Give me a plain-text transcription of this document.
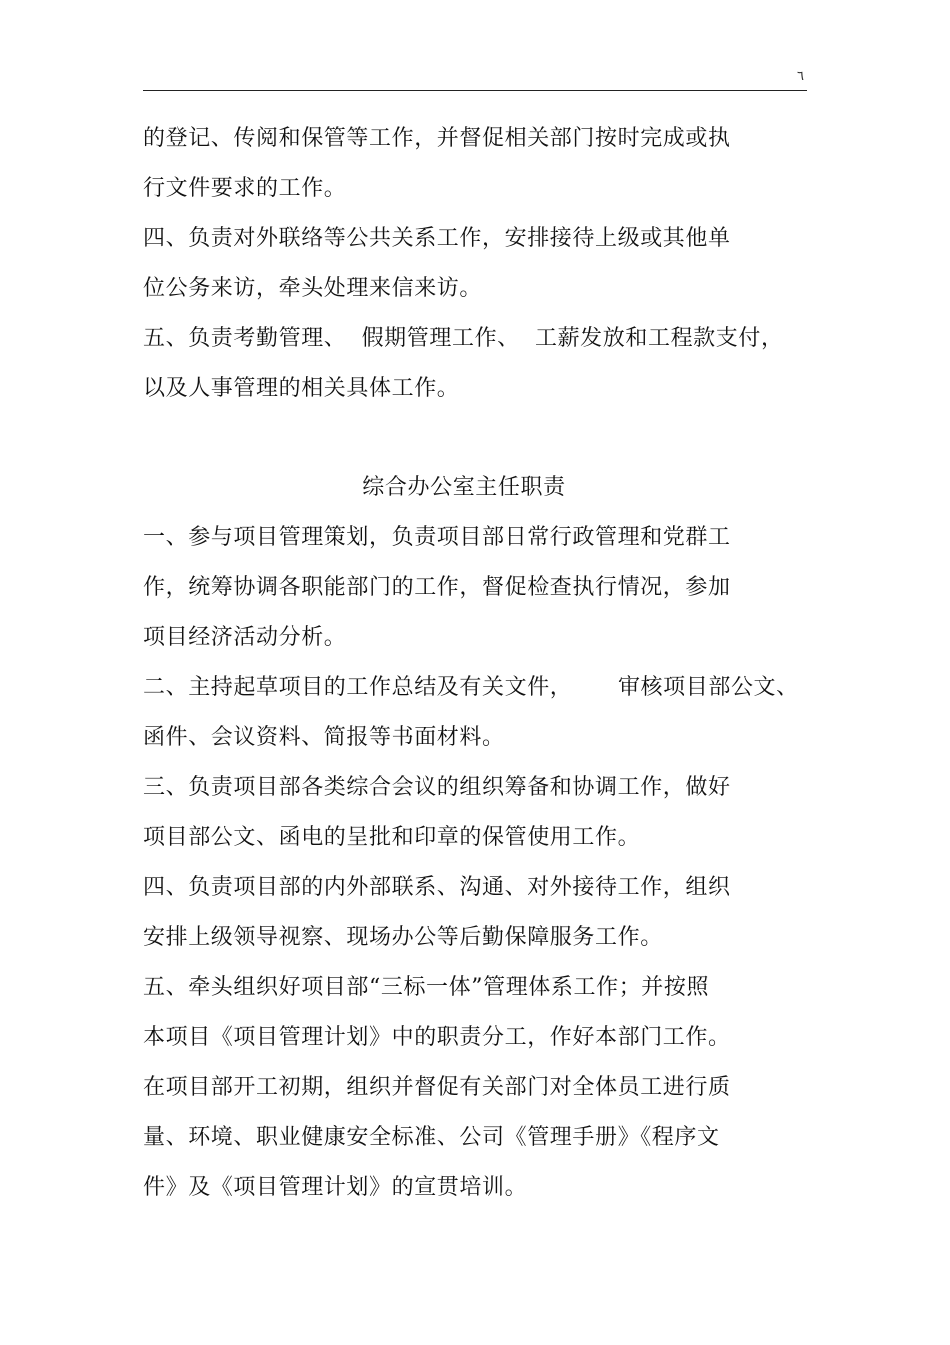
٦
的登记、传阅和保管等工作，并督促相关部门按时完成或执
行文件要求的工作。
四、负责对外联络等公共关系工作，安排接待上级或其他单
位公务来访，牵头处理来信来访。
五、负责考勤管理、  假期管理工作、  工薪发放和工程款支付，
以及人事管理的相关具体工作。
综合办公室主任职责
一、参与项目管理策划，负责项目部日常行政管理和党群工
作，统筹协调各职能部门的工作，督促检查执行情况，参加
项目经济活动分析。
二、主持起草项目的工作总结及有关文件，      审核项目部公文、
函件、会议资料、简报等书面材料。
三、负责项目部各类综合会议的组织筹备和协调工作，做好
项目部公文、函电的呈批和印章的保管使用工作。
四、负责项目部的内外部联系、沟通、对外接待工作，组织
安排上级领导视察、现场办公等后勤保障服务工作。
五、牵头组织好项目部“三标一体”管理体系工作；并按照
本项目《项目管理计划》中的职责分工，作好本部门工作。
在项目部开工初期，组织并督促有关部门对全体员工进行质
量、环境、职业健康安全标准、公司《管理手册》《程序文
件》及《项目管理计划》的宣贯培训。
